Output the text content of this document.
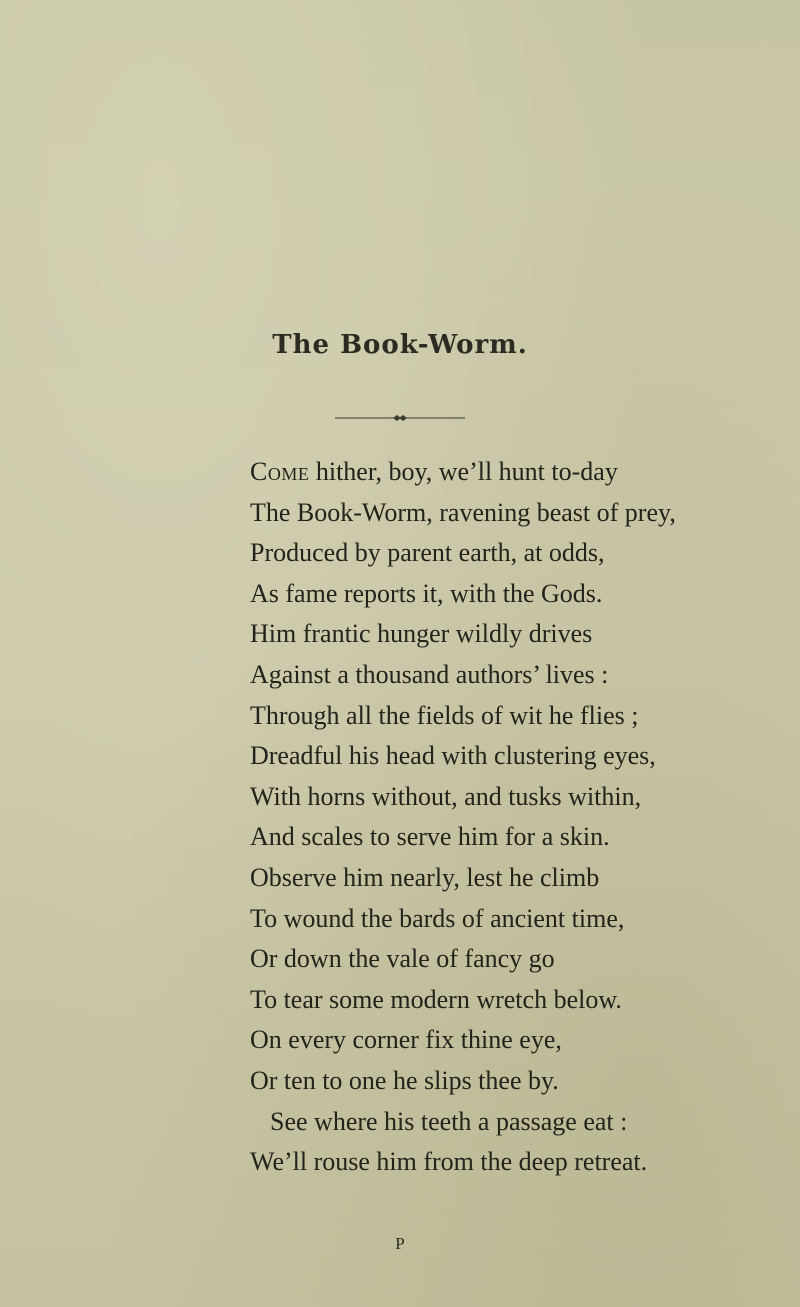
The Book-Worm.
Come hither, boy, we’ll hunt to-day
The Book-Worm, ravening beast of prey,
Produced by parent earth, at odds,
As fame reports it, with the Gods.
Him frantic hunger wildly drives
Against a thousand authors’ lives :
Through all the fields of wit he flies ;
Dreadful his head with clustering eyes,
With horns without, and tusks within,
And scales to serve him for a skin.
Observe him nearly, lest he climb
To wound the bards of ancient time,
Or down the vale of fancy go
To tear some modern wretch below.
On every corner fix thine eye,
Or ten to one he slips thee by.
See where his teeth a passage eat :
We’ll rouse him from the deep retreat.
P
